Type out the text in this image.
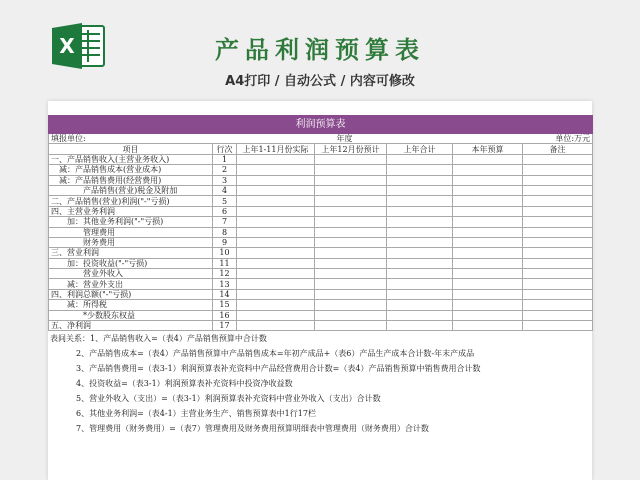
X	产品利润预算表
A4打印 / 自动公式 / 内容可修改
利润预算表						
填报单位:		年度			单位:万元	
项目	行次	上年1-11月份实际	上年12月份预计	上年合计	本年预算	备注
一、产品销售收入(主营业务收入)	1					
　减：产品销售成本(营业成本)	2					
　减：产品销售费用(经营费用)	3					
　　　　产品销售(营业)税金及附加	4					
二、产品销售(营业)利润("-"亏损)	5					
四、主营业务利润	6					
　　加：其他业务利润("-"亏损)	7					
　　　　管理费用	8					
　　　　财务费用	9					
三、营业利润	10					
　　加：投资收益("-"亏损)	11					
　　　　营业外收入	12					
　　减：营业外支出	13					
四、利润总额("-"亏损)	14					
　　减：所得税	15					
　　　　*少数股东权益	16					
五、净利润	17					
表间关系：1、产品销售收入=（表4）产品销售预算中合计数
2、产品销售成本=（表4）产品销售预算中产品销售成本=年初产成品+（表6）产品生产成本合计数-年末产成品
3、产品销售费用=（表3-1）利润预算表补充资料中产品经营费用合计数=（表4）产品销售预算中销售费用合计数
4、投资收益=（表3-1）利润预算表补充资料中投资净收益数
5、营业外收入（支出）=（表3-1）利润预算表补充资料中营业外收入（支出）合计数
6、其他业务利润=（表4-1）主营业务生产、销售预算表中1行17栏
7、管理费用（财务费用）=（表7）管理费用及财务费用预算明细表中管理费用（财务费用）合计数
